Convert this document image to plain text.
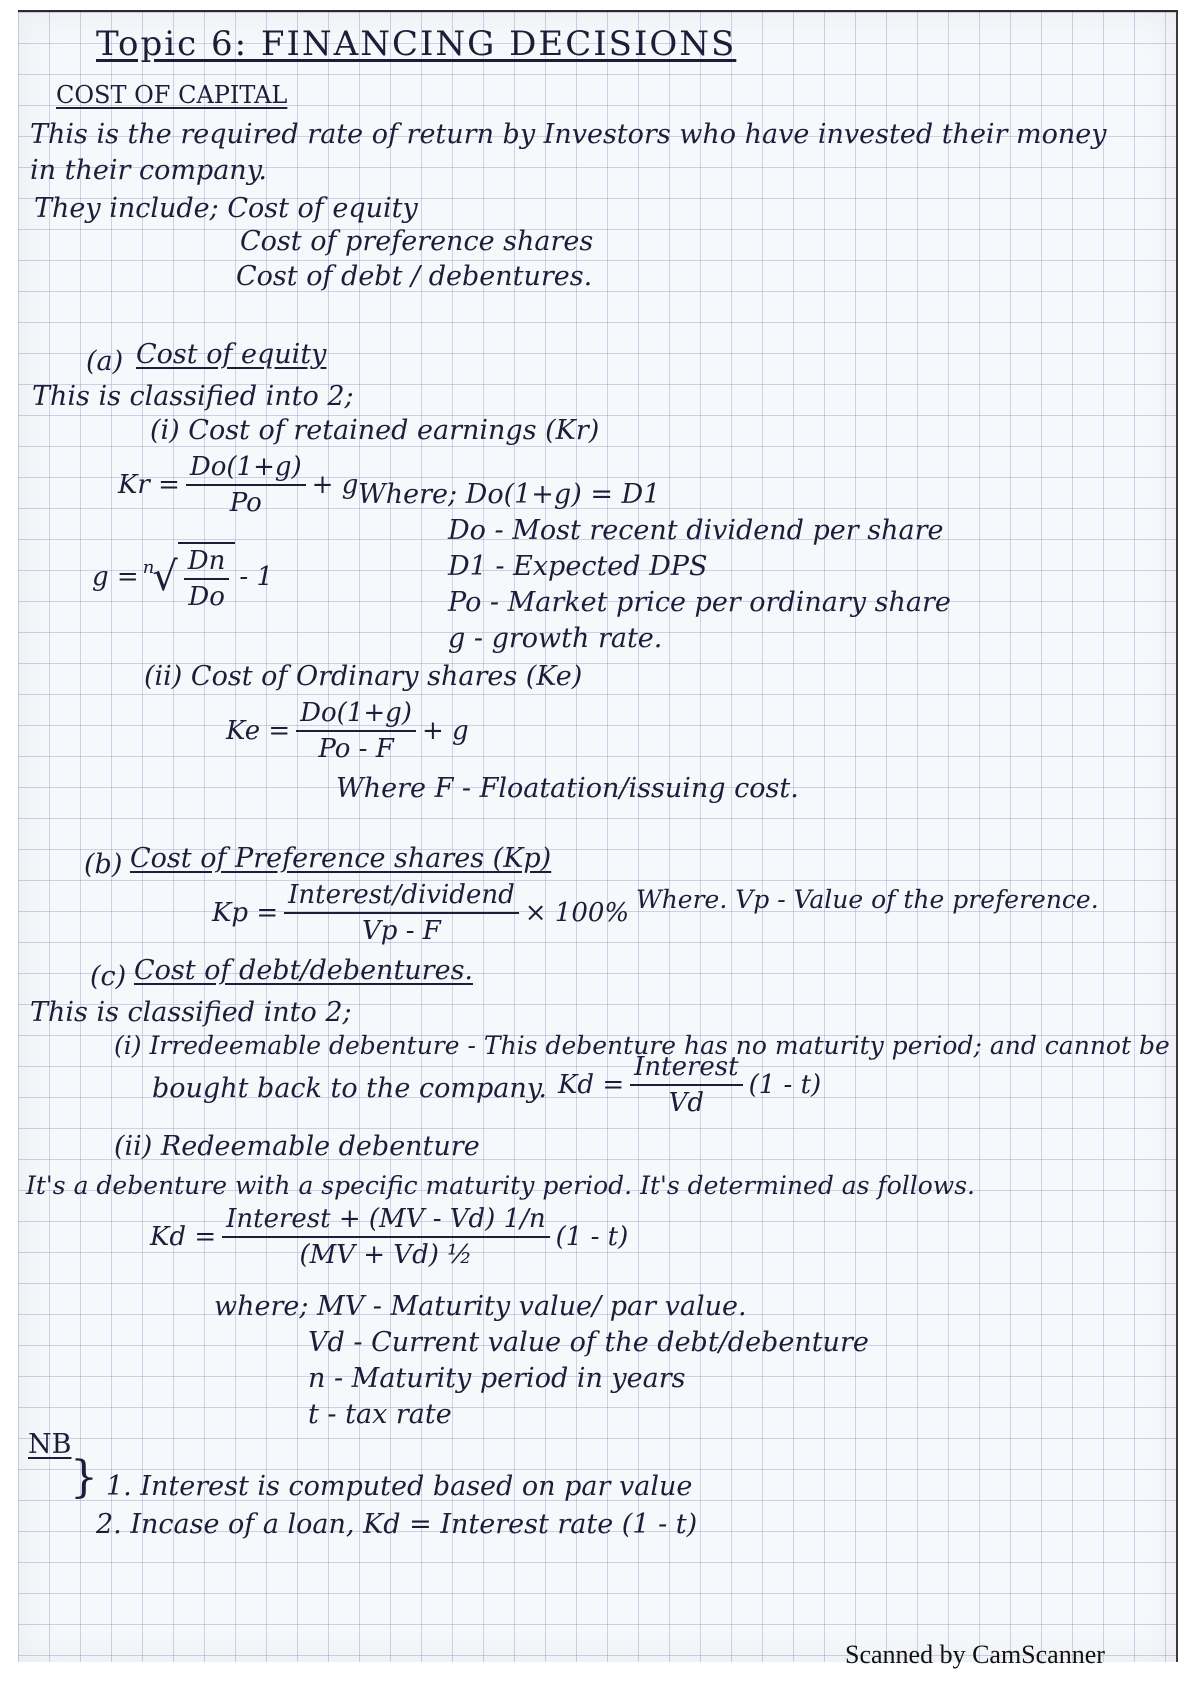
Topic 6: FINANCING DECISIONS
COST OF CAPITAL
This is the required rate of return by Investors who have invested their money
in their company.
They include; Cost of equity
Cost of preference shares
Cost of debt / debentures.
(a) Cost of equity
This is classified into 2;
(i) Cost of retained earnings (Kr)
$Kr = \frac{Do(1+g)}{Po} + g$ Where; Do(1+g) = D1
Do - Most recent dividend per share
D1 - Expected DPS
Po - Market price per ordinary share
g - growth rate.
g = n
√ $\frac{Dn}{Do} - 1$
(ii) Cost of Ordinary shares (Ke)
$Ke = \frac{Do(1+g)}{Po - F} + g$
Where F - Floatation/issuing cost.
(b) Cost of Preference shares (Kp)
$Kp = \frac{\text{Interest/dividend}}{Vp - F} \times 100\%$ Where. Vp - Value of the preference.
(c) Cost of debt/debentures.
This is classified into 2;
(i) Irredeemable debenture - This debenture has no maturity period; and cannot be
bought back to the company. $Kd = \frac{\text{Interest}}{Vd} (1 - t)$
(ii) Redeemable debenture
It's a debenture with a specific maturity period. It's determined as follows.
$Kd = \frac{\text{Interest + (MV - Vd) 1/n}}{\text{(MV + Vd) ½}} (1 - t)$
where; MV - Maturity value/ par value.
Vd - Current value of the debt/debenture
n - Maturity period in years
t - tax rate
NB
} 1. Interest is computed based on par value
2. Incase of a loan, Kd = Interest rate (1 - t)
Scanned by CamScanner
